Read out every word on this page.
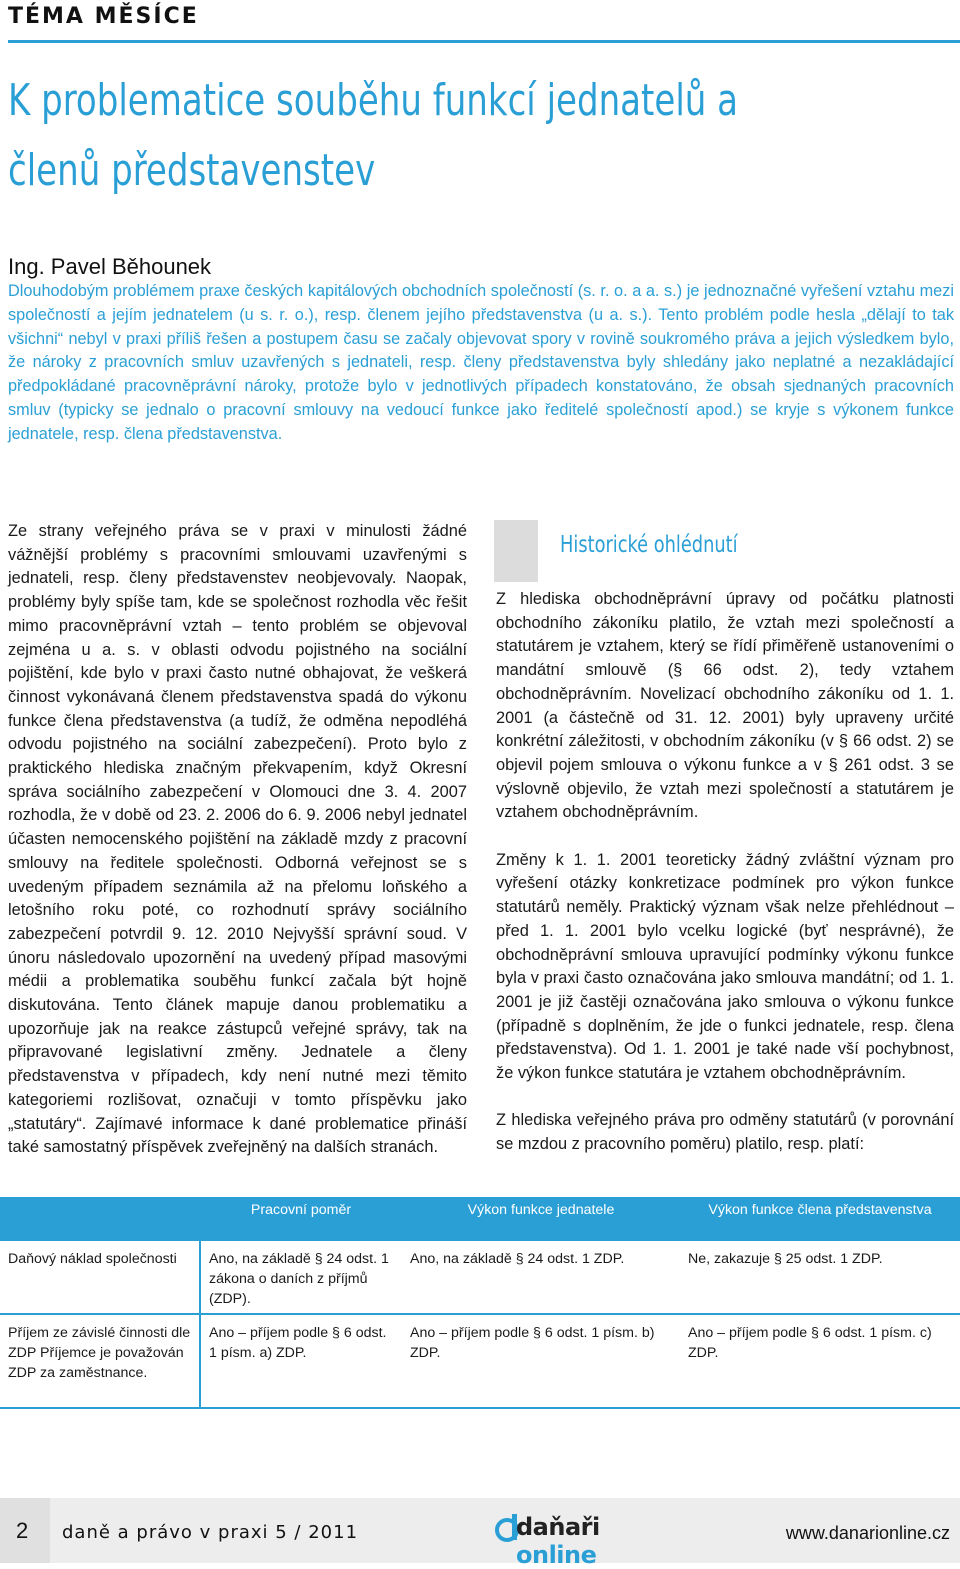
TÉMA MĚSÍCE
K problematice souběhu funkcí jednatelů a členů představenstev

Ing. Pavel Běhounek

Dlouhodobým problémem praxe českých kapitálových obchodních společností (s. r. o. a a. s.) je jednoznačné vyřešení vztahu mezi společností a jejím jednatelem (u s. r. o.), resp. členem jejího představenstva (u a. s.). Tento problém podle hesla „dělají to tak všichni“ nebyl v praxi příliš řešen a postupem času se začaly objevovat spory v rovině soukromého práva a jejich výsledkem bylo, že nároky z pracovních smluv uzavřených s jednateli, resp. členy představenstva byly shledány jako neplatné a nezakládající předpokládané pracovněprávní nároky, protože bylo v jednotlivých případech konstatováno, že obsah sjednaných pracovních smluv (typicky se jednalo o pracovní smlouvy na vedoucí funkce jako ředitelé společností apod.) se kryje s výkonem funkce jednatele, resp. člena představenstva.

Ze strany veřejného práva se v praxi v minulosti žádné vážnější problémy s pracovními smlouvami uzavřenými s jednateli, resp. členy představenstev neobjevovaly. Naopak, problémy byly spíše tam, kde se společnost rozhodla věc řešit mimo pracovněprávní vztah – tento problém se objevoval zejména u a. s. v oblasti odvodu pojistného na sociální pojištění, kde bylo v praxi často nutné obhajovat, že veškerá činnost vykonávaná členem představenstva spadá do výkonu funkce člena představenstva (a tudíž, že odměna nepodléhá odvodu pojistného na sociální zabezpečení). Proto bylo z praktického hlediska značným překvapením, když Okresní správa sociálního zabezpečení v Olomouci dne 3. 4. 2007 rozhodla, že v době od 23. 2. 2006 do 6. 9. 2006 nebyl jednatel účasten nemocenského pojištění na základě mzdy z pracovní smlouvy na ředitele společnosti. Odborná veřejnost se s uvedeným případem seznámila až na přelomu loňského a letošního roku poté, co rozhodnutí správy sociálního zabezpečení potvrdil 9. 12. 2010 Nejvyšší správní soud. V únoru následovalo upozornění na uvedený případ masovými médii a problematika souběhu funkcí začala být hojně diskutována. Tento článek mapuje danou problematiku a upozorňuje jak na reakce zástupců veřejné správy, tak na připravované legislativní změny. Jednatele a členy představenstva v případech, kdy není nutné mezi těmito kategoriemi rozlišovat, označuji v tomto příspěvku jako „statutáry“. Zajímavé informace k dané problematice přináší také samostatný příspěvek zveřejněný na dalších stranách.

Historické ohlédnutí

Z hlediska obchodněprávní úpravy od počátku platnosti obchodního zákoníku platilo, že vztah mezi společností a statutárem je vztahem, který se řídí přiměřeně ustanoveními o mandátní smlouvě (§ 66 odst. 2), tedy vztahem obchodněprávním. Novelizací obchodního zákoníku od 1. 1. 2001 (a částečně od 31. 12. 2001) byly upraveny určité konkrétní záležitosti, v obchodním zákoníku (v § 66 odst. 2) se objevil pojem smlouva o výkonu funkce a v § 261 odst. 3 se výslovně objevilo, že vztah mezi společností a statutárem je vztahem obchodněprávním.

Změny k 1. 1. 2001 teoreticky žádný zvláštní význam pro vyřešení otázky konkretizace podmínek pro výkon funkce statutárů neměly. Praktický význam však nelze přehlédnout – před 1. 1. 2001 bylo vcelku logické (byť nesprávné), že obchodněprávní smlouva upravující podmínky výkonu funkce byla v praxi často označována jako smlouva mandátní; od 1. 1. 2001 je již častěji označována jako smlouva o výkonu funkce (případně s doplněním, že jde o funkci jednatele, resp. člena představenstva). Od 1. 1. 2001 je také nade vší pochybnost, že výkon funkce statutára je vztahem obchodněprávním.

Z hlediska veřejného práva pro odměny statutárů (v porovnání se mzdou z pracovního poměru) platilo, resp. platí:

	Pracovní poměr	Výkon funkce jednatele	Výkon funkce člena představenstva
Daňový náklad společnosti	Ano, na základě § 24 odst. 1 zákona o daních z příjmů (ZDP).	Ano, na základě § 24 odst. 1 ZDP.	Ne, zakazuje § 25 odst. 1 ZDP.
Příjem ze závislé činnosti dle ZDP Příjemce je považován ZDP za zaměstnance.	Ano – příjem podle § 6 odst. 1 písm. a) ZDP.	Ano – příjem podle § 6 odst. 1 písm. b) ZDP.	Ano – příjem podle § 6 odst. 1 písm. c) ZDP.
2 daně a právo v praxi 5 / 2011	daňaři online
www.danarionline.cz
